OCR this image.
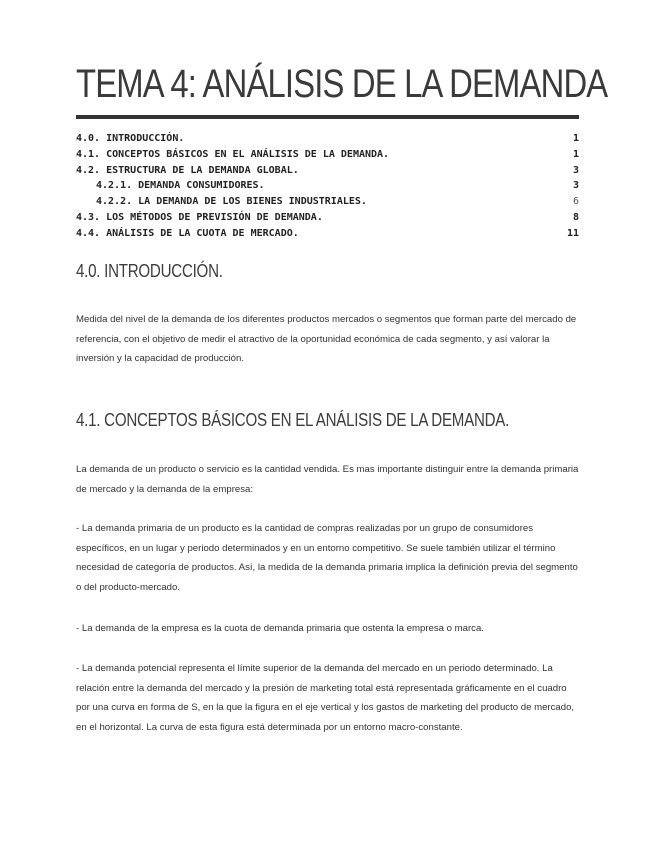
TEMA 4: ANÁLISIS DE LA DEMANDA
4.0. INTRODUCCIÓN.	1
4.1. CONCEPTOS BÁSICOS EN EL ANÁLISIS DE LA DEMANDA.	1
4.2. ESTRUCTURA DE LA DEMANDA GLOBAL.	3
4.2.1. DEMANDA CONSUMIDORES.	3
4.2.2. LA DEMANDA DE LOS BIENES INDUSTRIALES.	6
4.3. LOS MÉTODOS DE PREVISIÓN DE DEMANDA.	8
4.4. ANÁLISIS DE LA CUOTA DE MERCADO.	11
4.0. INTRODUCCIÓN.

Medida del nivel de la demanda de los diferentes productos mercados o segmentos que forman parte del mercado de referencia, con el objetivo de medir el atractivo de la oportunidad económica de cada segmento, y así valorar la inversión y la capacidad de producción.

4.1. CONCEPTOS BÁSICOS EN EL ANÁLISIS DE LA DEMANDA.

La demanda de un producto o servicio es la cantidad vendida. Es mas importante distinguir entre la demanda primaria de mercado y la demanda de la empresa:

- La demanda primaria de un producto es la cantidad de compras realizadas por un grupo de consumidores específicos, en un lugar y periodo determinados y en un entorno competitivo. Se suele también utilizar el término necesidad de categoría de productos. Así, la medida de la demanda primaria implica la definición previa del segmento o del producto-mercado.

- La demanda de la empresa es la cuota de demanda primaria que ostenta la empresa o marca.

- La demanda potencial representa el límite superior de la demanda del mercado en un periodo determinado. La relación entre la demanda del mercado y la presión de marketing total está representada gráficamente en el cuadro por una curva en forma de S, en la que la figura en el eje vertical y los gastos de marketing del producto de mercado, en el horizontal. La curva de esta figura está determinada por un entorno macro-constante.
